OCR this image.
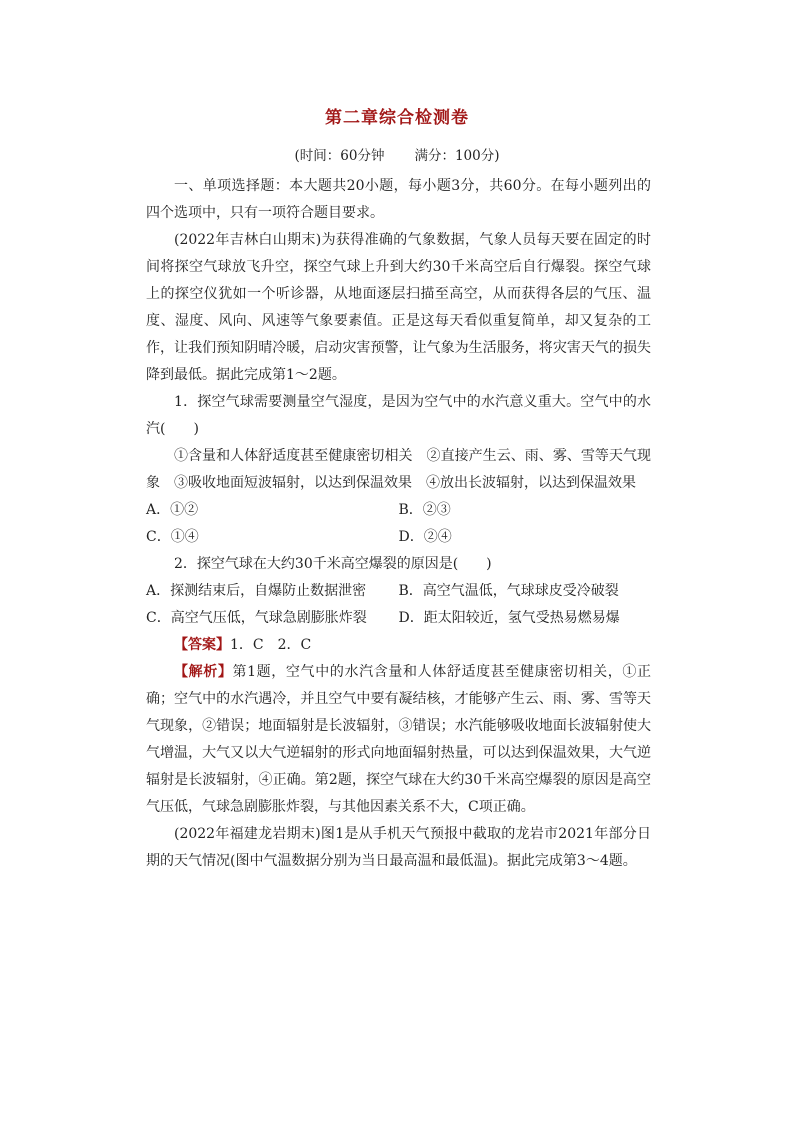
第二章综合检测卷
(时间：60分钟 满分：100分)

一、单项选择题：本大题共20小题，每小题3分，共60分。在每小题列出的四个选项中，只有一项符合题目要求。

(2022年吉林白山期末)为获得准确的气象数据，气象人员每天要在固定的时间将探空气球放飞升空，探空气球上升到大约30千米高空后自行爆裂。探空气球上的探空仪犹如一个听诊器，从地面逐层扫描至高空，从而获得各层的气压、温度、湿度、风向、风速等气象要素值。正是这每天看似重复简单，却又复杂的工作，让我们预知阴晴冷暖，启动灾害预警，让气象为生活服务，将灾害天气的损失降到最低。据此完成第1～2题。

1．探空气球需要测量空气湿度，是因为空气中的水汽意义重大。空气中的水汽(　　)

①含量和人体舒适度甚至健康密切相关　②直接产生云、雨、雾、雪等天气现象　③吸收地面短波辐射，以达到保温效果　④放出长波辐射，以达到保温效果

A．①②	B．②③
C．①④	D．②④

2．探空气球在大约30千米高空爆裂的原因是(　　)

A．探测结束后，自爆防止数据泄密	B．高空气温低，气球球皮受冷破裂
C．高空气压低，气球急剧膨胀炸裂	D．距太阳较近，氢气受热易燃易爆

【答案】1．C　2．C

【解析】第1题，空气中的水汽含量和人体舒适度甚至健康密切相关，①正确；空气中的水汽遇冷，并且空气中要有凝结核，才能够产生云、雨、雾、雪等天气现象，②错误；地面辐射是长波辐射，③错误；水汽能够吸收地面长波辐射使大气增温，大气又以大气逆辐射的形式向地面辐射热量，可以达到保温效果，大气逆辐射是长波辐射，④正确。第2题，探空气球在大约30千米高空爆裂的原因是高空气压低，气球急剧膨胀炸裂，与其他因素关系不大，C项正确。

(2022年福建龙岩期末)图1是从手机天气预报中截取的龙岩市2021年部分日期的天气情况(图中气温数据分别为当日最高温和最低温)。据此完成第3～4题。
